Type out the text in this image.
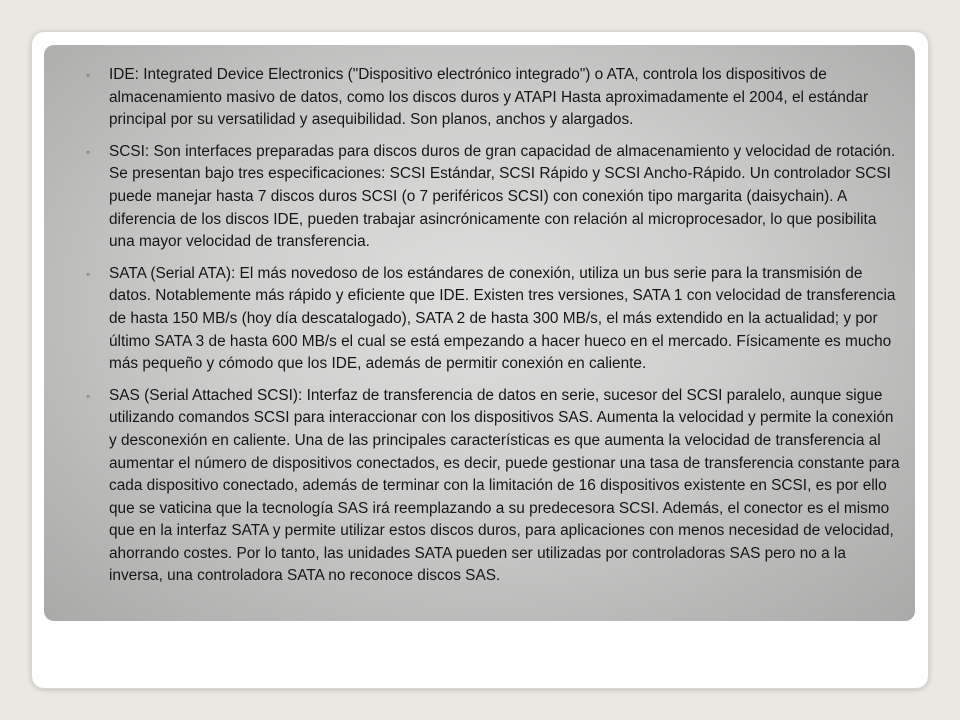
◦ IDE: Integrated Device Electronics ("Dispositivo electrónico integrado") o ATA, controla los dispositivos de almacenamiento masivo de datos, como los discos duros y ATAPI Hasta aproximadamente el 2004, el estándar principal por su versatilidad y asequibilidad. Son planos, anchos y alargados.
◦ SCSI: Son interfaces preparadas para discos duros de gran capacidad de almacenamiento y velocidad de rotación. Se presentan bajo tres especificaciones: SCSI Estándar, SCSI Rápido y SCSI Ancho-Rápido. Un controlador SCSI puede manejar hasta 7 discos duros SCSI (o 7 periféricos SCSI) con conexión tipo margarita (daisychain). A diferencia de los discos IDE, pueden trabajar asincrónicamente con relación al microprocesador, lo que posibilita una mayor velocidad de transferencia.
◦ SATA (Serial ATA): El más novedoso de los estándares de conexión, utiliza un bus serie para la transmisión de datos. Notablemente más rápido y eficiente que IDE. Existen tres versiones, SATA 1 con velocidad de transferencia de hasta 150 MB/s (hoy día descatalogado), SATA 2 de hasta 300 MB/s, el más extendido en la actualidad; y por último SATA 3 de hasta 600 MB/s el cual se está empezando a hacer hueco en el mercado. Físicamente es mucho más pequeño y cómodo que los IDE, además de permitir conexión en caliente.
◦ SAS (Serial Attached SCSI): Interfaz de transferencia de datos en serie, sucesor del SCSI paralelo, aunque sigue utilizando comandos SCSI para interaccionar con los dispositivos SAS. Aumenta la velocidad y permite la conexión y desconexión en caliente. Una de las principales características es que aumenta la velocidad de transferencia al aumentar el número de dispositivos conectados, es decir, puede gestionar una tasa de transferencia constante para cada dispositivo conectado, además de terminar con la limitación de 16 dispositivos existente en SCSI, es por ello que se vaticina que la tecnología SAS irá reemplazando a su predecesora SCSI. Además, el conector es el mismo que en la interfaz SATA y permite utilizar estos discos duros, para aplicaciones con menos necesidad de velocidad, ahorrando costes. Por lo tanto, las unidades SATA pueden ser utilizadas por controladoras SAS pero no a la inversa, una controladora SATA no reconoce discos SAS.
